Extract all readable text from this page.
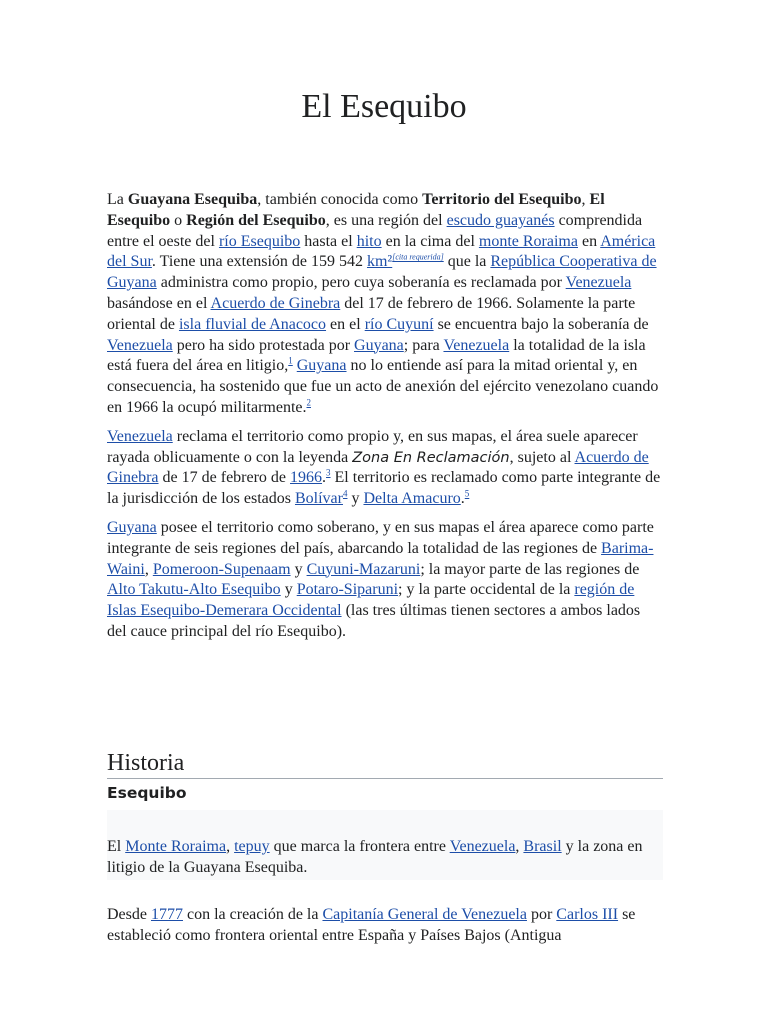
El Esequibo

La Guayana Esequiba, también conocida como Territorio del Esequibo, El Esequibo o Región del Esequibo, es una región del escudo guayanés comprendida entre el oeste del río Esequibo hasta el hito en la cima del monte Roraima en América del Sur. Tiene una extensión de 159 542 km²[cita requerida] que la República Cooperativa de Guyana administra como propio, pero cuya soberanía es reclamada por Venezuela basándose en el Acuerdo de Ginebra del 17 de febrero de 1966. Solamente la parte oriental de isla fluvial de Anacoco en el río Cuyuní se encuentra bajo la soberanía de Venezuela pero ha sido protestada por Guyana; para Venezuela la totalidad de la isla está fuera del área en litigio,$^1$ Guyana no lo entiende así para la mitad oriental y, en consecuencia, ha sostenido que fue un acto de anexión del ejército venezolano cuando en 1966 la ocupó militarmente.$^2$

Venezuela reclama el territorio como propio y, en sus mapas, el área suele aparecer rayada oblicuamente o con la leyenda Zona En Reclamación, sujeto al Acuerdo de Ginebra de 17 de febrero de 1966.$^3$ El territorio es reclamado como parte integrante de la jurisdicción de los estados Bolívar$^4$ y Delta Amacuro.$^5$

Guyana posee el territorio como soberano, y en sus mapas el área aparece como parte integrante de seis regiones del país, abarcando la totalidad de las regiones de Barima-Waini, Pomeroon-Supenaam y Cuyuni-Mazaruni; la mayor parte de las regiones de Alto Takutu-Alto Esequibo y Potaro-Siparuni; y la parte occidental de la región de Islas Esequibo-Demerara Occidental (las tres últimas tienen sectores a ambos lados del cauce principal del río Esequibo).

Historia
Esequibo
El Monte Roraima, tepuy que marca la frontera entre Venezuela, Brasil y la zona en litigio de la Guayana Esequiba.

Desde 1777 con la creación de la Capitanía General de Venezuela por Carlos III se estableció como frontera oriental entre España y Países Bajos (Antigua
